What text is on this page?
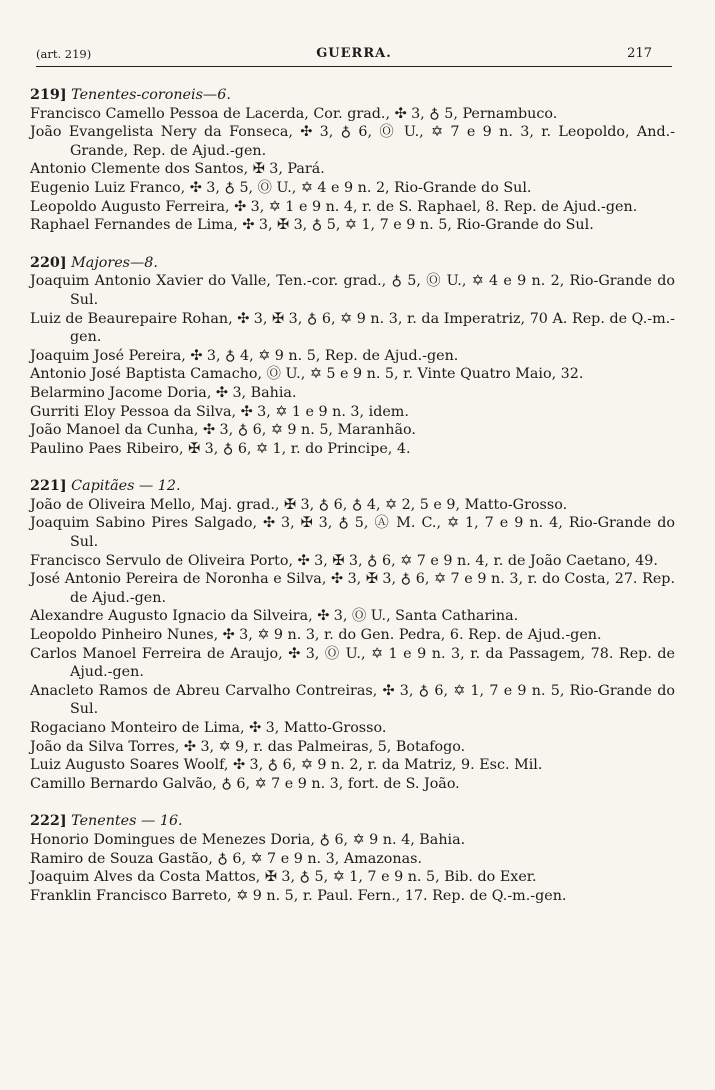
(art. 219)	GUERRA.	217
219] Tenentes-coroneis—6.
Francisco Camello Pessoa de Lacerda, Cor. grad., ✣ 3, ♁ 5, Pernambuco.
João Evangelista Nery da Fonseca, ✣ 3, ♁ 6, Ⓞ U., ✡ 7 e 9 n. 3, r. Leopoldo, And.-Grande, Rep. de Ajud.-gen.
Antonio Clemente dos Santos, ✠ 3, Pará.
Eugenio Luiz Franco, ✣ 3, ♁ 5, Ⓞ U., ✡ 4 e 9 n. 2, Rio-Grande do Sul.
Leopoldo Augusto Ferreira, ✣ 3, ✡ 1 e 9 n. 4, r. de S. Raphael, 8. Rep. de Ajud.-gen.
Raphael Fernandes de Lima, ✣ 3, ✠ 3, ♁ 5, ✡ 1, 7 e 9 n. 5, Rio-Grande do Sul.
220] Majores—8.
Joaquim Antonio Xavier do Valle, Ten.-cor. grad., ♁ 5, Ⓞ U., ✡ 4 e 9 n. 2, Rio-Grande do Sul.
Luiz de Beaurepaire Rohan, ✣ 3, ✠ 3, ♁ 6, ✡ 9 n. 3, r. da Imperatriz, 70 A. Rep. de Q.-m.-gen.
Joaquim José Pereira, ✣ 3, ♁ 4, ✡ 9 n. 5, Rep. de Ajud.-gen.
Antonio José Baptista Camacho, Ⓞ U., ✡ 5 e 9 n. 5, r. Vinte Quatro Maio, 32.
Belarmino Jacome Doria, ✣ 3, Bahia.
Gurriti Eloy Pessoa da Silva, ✣ 3, ✡ 1 e 9 n. 3, idem.
João Manoel da Cunha, ✣ 3, ♁ 6, ✡ 9 n. 5, Maranhão.
Paulino Paes Ribeiro, ✠ 3, ♁ 6, ✡ 1, r. do Principe, 4.
221] Capitães — 12.
João de Oliveira Mello, Maj. grad., ✠ 3, ♁ 6, ♁ 4, ✡ 2, 5 e 9, Matto-Grosso.
Joaquim Sabino Pires Salgado, ✣ 3, ✠ 3, ♁ 5, Ⓐ M. C., ✡ 1, 7 e 9 n. 4, Rio-Grande do Sul.
Francisco Servulo de Oliveira Porto, ✣ 3, ✠ 3, ♁ 6, ✡ 7 e 9 n. 4, r. de João Caetano, 49.
José Antonio Pereira de Noronha e Silva, ✣ 3, ✠ 3, ♁ 6, ✡ 7 e 9 n. 3, r. do Costa, 27. Rep. de Ajud.-gen.
Alexandre Augusto Ignacio da Silveira, ✣ 3, Ⓞ U., Santa Catharina.
Leopoldo Pinheiro Nunes, ✣ 3, ✡ 9 n. 3, r. do Gen. Pedra, 6. Rep. de Ajud.-gen.
Carlos Manoel Ferreira de Araujo, ✣ 3, Ⓞ U., ✡ 1 e 9 n. 3, r. da Passagem, 78. Rep. de Ajud.-gen.
Anacleto Ramos de Abreu Carvalho Contreiras, ✣ 3, ♁ 6, ✡ 1, 7 e 9 n. 5, Rio-Grande do Sul.
Rogaciano Monteiro de Lima, ✣ 3, Matto-Grosso.
João da Silva Torres, ✣ 3, ✡ 9, r. das Palmeiras, 5, Botafogo.
Luiz Augusto Soares Woolf, ✣ 3, ♁ 6, ✡ 9 n. 2, r. da Matriz, 9. Esc. Mil.
Camillo Bernardo Galvão, ♁ 6, ✡ 7 e 9 n. 3, fort. de S. João.
222] Tenentes — 16.
Honorio Domingues de Menezes Doria, ♁ 6, ✡ 9 n. 4, Bahia.
Ramiro de Souza Gastão, ♁ 6, ✡ 7 e 9 n. 3, Amazonas.
Joaquim Alves da Costa Mattos, ✠ 3, ♁ 5, ✡ 1, 7 e 9 n. 5, Bib. do Exer.
Franklin Francisco Barreto, ✡ 9 n. 5, r. Paul. Fern., 17. Rep. de Q.-m.-gen.
